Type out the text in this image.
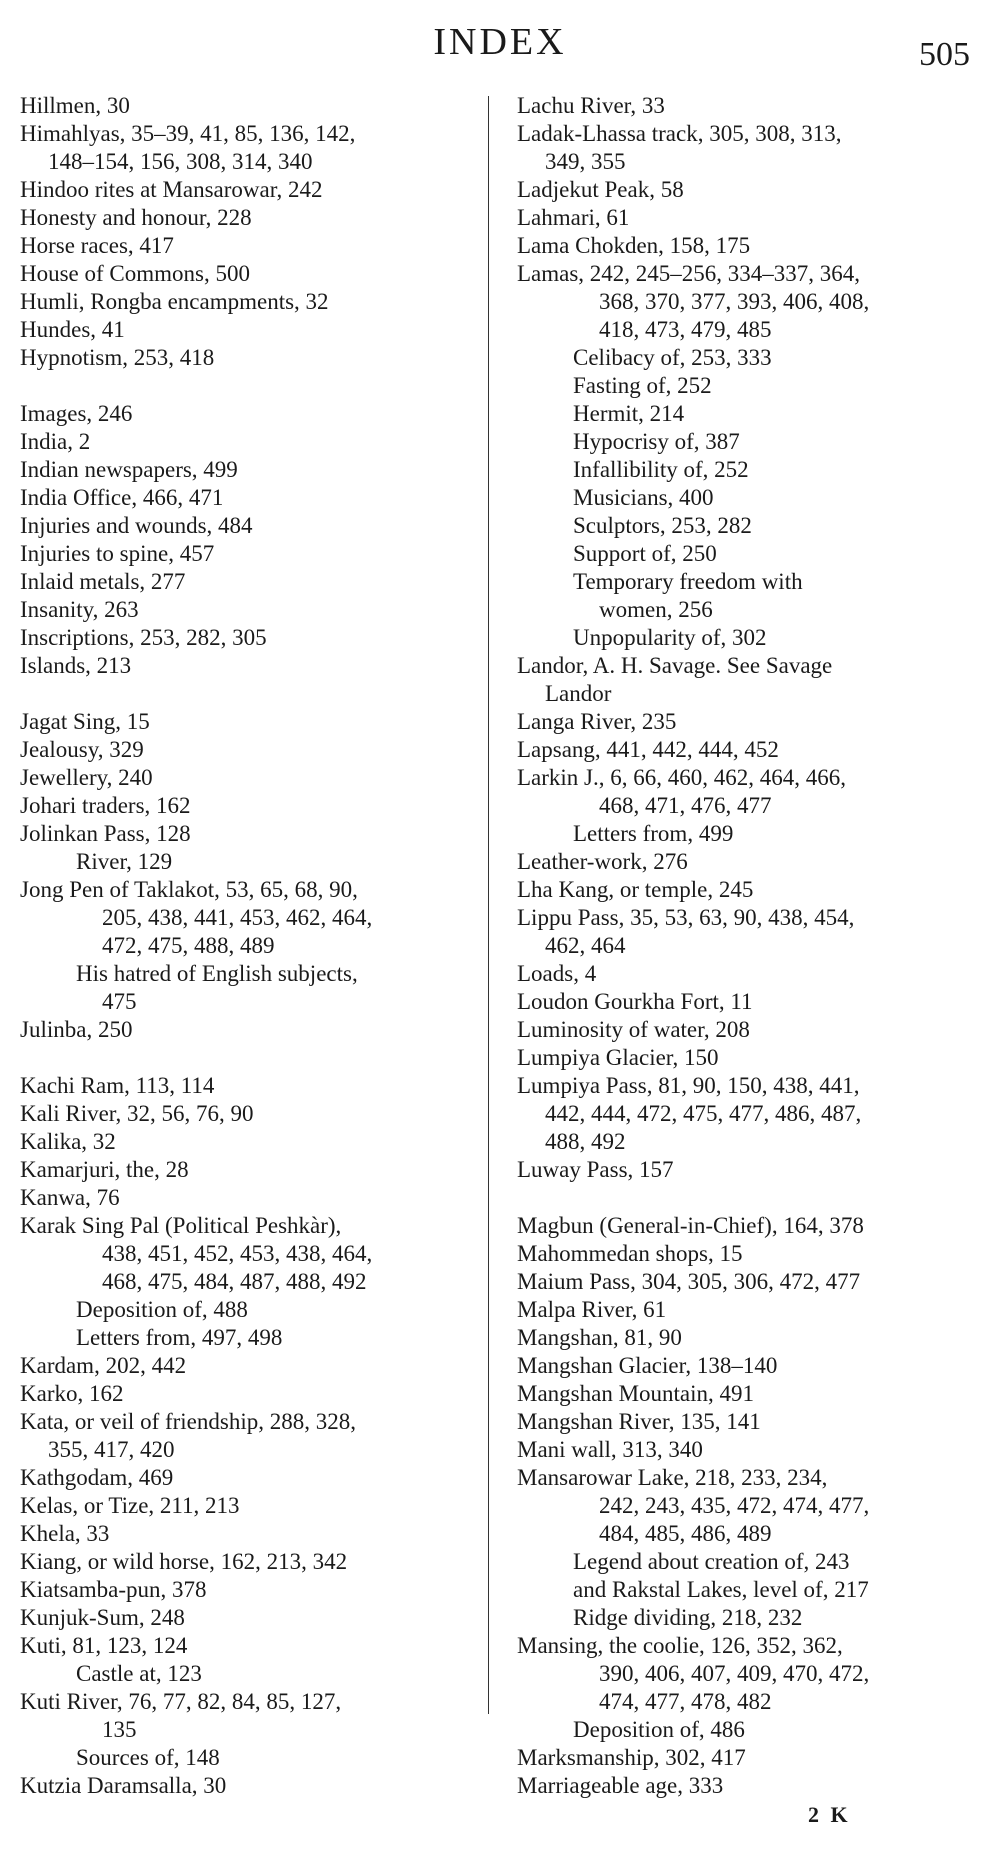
INDEX	505
Hillmen, 30
Himahlyas, 35–39, 41, 85, 136, 142,
148–154, 156, 308, 314, 340
Hindoo rites at Mansarowar, 242
Honesty and honour, 228
Horse races, 417
House of Commons, 500
Humli, Rongba encampments, 32
Hundes, 41
Hypnotism, 253, 418
Images, 246
India, 2
Indian newspapers, 499
India Office, 466, 471
Injuries and wounds, 484
Injuries to spine, 457
Inlaid metals, 277
Insanity, 263
Inscriptions, 253, 282, 305
Islands, 213
Jagat Sing, 15
Jealousy, 329
Jewellery, 240
Johari traders, 162
Jolinkan Pass, 128
River, 129
Jong Pen of Taklakot, 53, 65, 68, 90,
205, 438, 441, 453, 462, 464,
472, 475, 488, 489
His hatred of English subjects,
475
Julinba, 250
Kachi Ram, 113, 114
Kali River, 32, 56, 76, 90
Kalika, 32
Kamarjuri, the, 28
Kanwa, 76
Karak Sing Pal (Political Peshkàr),
438, 451, 452, 453, 438, 464,
468, 475, 484, 487, 488, 492
Deposition of, 488
Letters from, 497, 498
Kardam, 202, 442
Karko, 162
Kata, or veil of friendship, 288, 328,
355, 417, 420
Kathgodam, 469
Kelas, or Tize, 211, 213
Khela, 33
Kiang, or wild horse, 162, 213, 342
Kiatsamba-pun, 378
Kunjuk-Sum, 248
Kuti, 81, 123, 124
Castle at, 123
Kuti River, 76, 77, 82, 84, 85, 127,
135
Sources of, 148
Kutzia Daramsalla, 30
Lachu River, 33
Ladak-Lhassa track, 305, 308, 313,
349, 355
Ladjekut Peak, 58
Lahmari, 61
Lama Chokden, 158, 175
Lamas, 242, 245–256, 334–337, 364,
368, 370, 377, 393, 406, 408,
418, 473, 479, 485
Celibacy of, 253, 333
Fasting of, 252
Hermit, 214
Hypocrisy of, 387
Infallibility of, 252
Musicians, 400
Sculptors, 253, 282
Support of, 250
Temporary freedom with
women, 256
Unpopularity of, 302
Landor, A. H. Savage. See Savage
Landor
Langa River, 235
Lapsang, 441, 442, 444, 452
Larkin J., 6, 66, 460, 462, 464, 466,
468, 471, 476, 477
Letters from, 499
Leather-work, 276
Lha Kang, or temple, 245
Lippu Pass, 35, 53, 63, 90, 438, 454,
462, 464
Loads, 4
Loudon Gourkha Fort, 11
Luminosity of water, 208
Lumpiya Glacier, 150
Lumpiya Pass, 81, 90, 150, 438, 441,
442, 444, 472, 475, 477, 486, 487,
488, 492
Luway Pass, 157
Magbun (General-in-Chief), 164, 378
Mahommedan shops, 15
Maium Pass, 304, 305, 306, 472, 477
Malpa River, 61
Mangshan, 81, 90
Mangshan Glacier, 138–140
Mangshan Mountain, 491
Mangshan River, 135, 141
Mani wall, 313, 340
Mansarowar Lake, 218, 233, 234,
242, 243, 435, 472, 474, 477,
484, 485, 486, 489
Legend about creation of, 243
and Rakstal Lakes, level of, 217
Ridge dividing, 218, 232
Mansing, the coolie, 126, 352, 362,
390, 406, 407, 409, 470, 472,
474, 477, 478, 482
Deposition of, 486
Marksmanship, 302, 417
Marriageable age, 333
2 K
